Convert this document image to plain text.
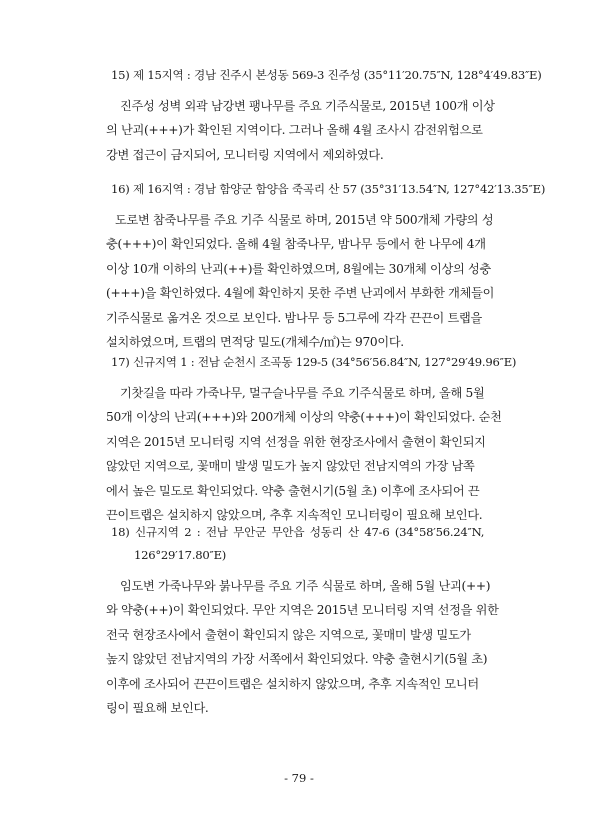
15) 제 15지역 : 경남 진주시 본성동 569-3 진주성 (35°11′20.75″N, 128°4′49.83″E)
진주성 성벽 외곽 남강변 팽나무를 주요 기주식물로, 2015년 100개 이상
의 난괴(+++)가 확인된 지역이다. 그러나 올해 4월 조사시 감전위험으로
강변 접근이 금지되어, 모니터링 지역에서 제외하였다.
16) 제 16지역 : 경남 함양군 함양읍 죽곡리 산 57 (35°31′13.54″N, 127°42′13.35″E)
도로변 참죽나무를 주요 기주 식물로 하며, 2015년 약 500개체 가량의 성
충(+++)이 확인되었다. 올해 4월 참죽나무, 밤나무 등에서 한 나무에 4개
이상 10개 이하의 난괴(++)를 확인하였으며, 8월에는 30개체 이상의 성충
(+++)을 확인하였다. 4월에 확인하지 못한 주변 난괴에서 부화한 개체들이
기주식물로 옮겨온 것으로 보인다. 밤나무 등 5그루에 각각 끈끈이 트랩을
설치하였으며, 트랩의 면적당 밀도(개체수/㎡)는 970이다.
17) 신규지역 1 : 전남 순천시 조곡동 129-5 (34°56′56.84″N, 127°29′49.96″E)
기찻길을 따라 가죽나무, 멀구슬나무를 주요 기주식물로 하며, 올해 5월
50개 이상의 난괴(+++)와 200개체 이상의 약충(+++)이 확인되었다. 순천
지역은 2015년 모니터링 지역 선정을 위한 현장조사에서 출현이 확인되지
않았던 지역으로, 꽃매미 발생 밀도가 높지 않았던 전남지역의 가장 남쪽
에서 높은 밀도로 확인되었다. 약충 출현시기(5월 초) 이후에 조사되어 끈
끈이트랩은 설치하지 않았으며, 추후 지속적인 모니터링이 필요해 보인다.
18) 신규지역 2 : 전남 무안군 무안읍 성동리 산 47-6 (34°58′56.24″N,
126°29′17.80″E)
임도변 가죽나무와 붉나무를 주요 기주 식물로 하며, 올해 5월 난괴(++)
와 약충(++)이 확인되었다. 무안 지역은 2015년 모니터링 지역 선정을 위한
전국 현장조사에서 출현이 확인되지 않은 지역으로, 꽃매미 발생 밀도가
높지 않았던 전남지역의 가장 서쪽에서 확인되었다. 약충 출현시기(5월 초)
이후에 조사되어 끈끈이트랩은 설치하지 않았으며, 추후 지속적인 모니터
링이 필요해 보인다.
- 79 -
